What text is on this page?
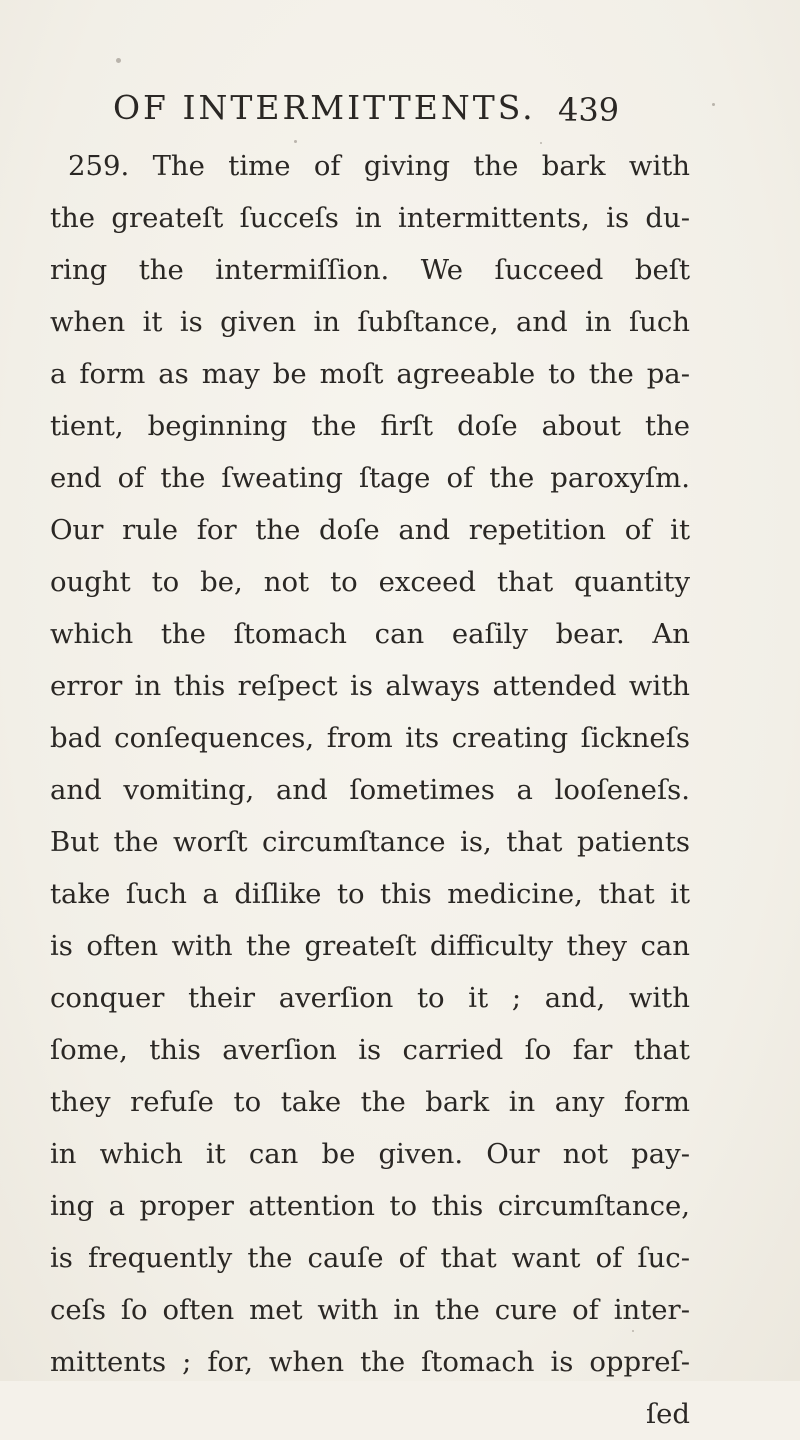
OF INTERMITTENTS. 439
259. The time of giving the bark with
the greateſt ſucceſs in intermittents, is du-
ring the intermiſſion. We ſucceed beſt
when it is given in ſubſtance, and in ſuch
a form as may be moſt agreeable to the pa-
tient, beginning the firſt doſe about the
end of the ſweating ſtage of the paroxyſm.
Our rule for the doſe and repetition of it
ought to be, not to exceed that quantity
which the ſtomach can eaſily bear. An
error in this reſpect is always attended with
bad conſequences, from its creating ſickneſs
and vomiting, and ſometimes a looſeneſs.
But the worſt circumſtance is, that patients
take ſuch a diſlike to this medicine, that it
is often with the greateſt difficulty they can
conquer their averſion to it ; and, with
ſome, this averſion is carried ſo far that
they refuſe to take the bark in any form
in which it can be given. Our not pay-
ing a proper attention to this circumſtance,
is frequently the cauſe of that want of ſuc-
ceſs ſo often met with in the cure of inter-
mittents ; for, when the ſtomach is oppreſ-
ſed
